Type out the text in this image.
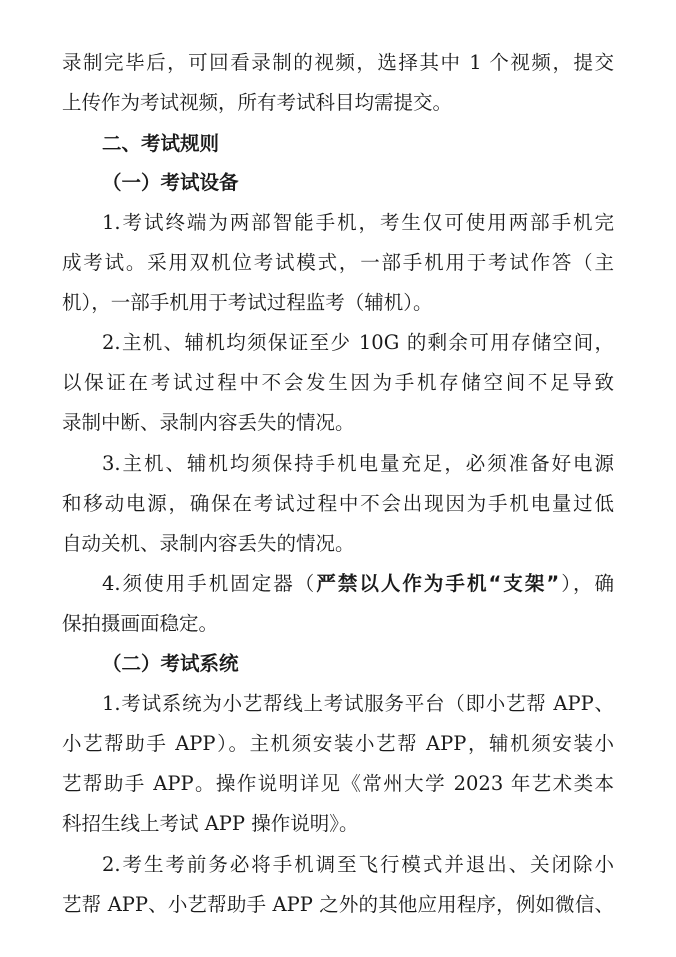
录制完毕后，可回看录制的视频，选择其中 1 个视频，提交
上传作为考试视频，所有考试科目均需提交。
二、考试规则
（一）考试设备
1.考试终端为两部智能手机，考生仅可使用两部手机完
成考试。采用双机位考试模式，一部手机用于考试作答（主
机），一部手机用于考试过程监考（辅机）。
2.主机、辅机均须保证至少 10G 的剩余可用存储空间，
以保证在考试过程中不会发生因为手机存储空间不足导致
录制中断、录制内容丢失的情况。
3.主机、辅机均须保持手机电量充足，必须准备好电源
和移动电源，确保在考试过程中不会出现因为手机电量过低
自动关机、录制内容丢失的情况。
4.须使用手机固定器（严禁以人作为手机“支架”），确
保拍摄画面稳定。
（二）考试系统
1.考试系统为小艺帮线上考试服务平台（即小艺帮 APP、
小艺帮助手 APP）。主机须安装小艺帮 APP，辅机须安装小
艺帮助手 APP。操作说明详见《常州大学 2023 年艺术类本
科招生线上考试 APP 操作说明》。
2.考生考前务必将手机调至飞行模式并退出、关闭除小
艺帮 APP、小艺帮助手 APP 之外的其他应用程序，例如微信、
